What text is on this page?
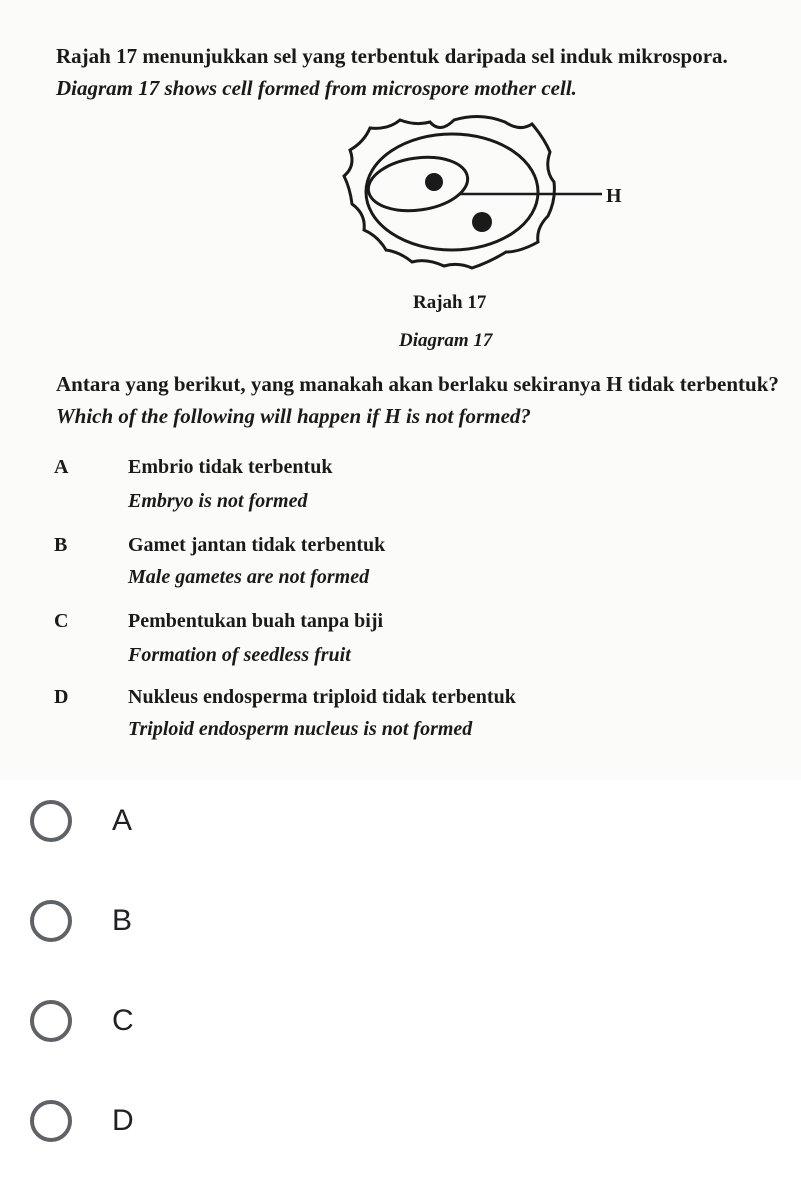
Rajah 17 menunjukkan sel yang terbentuk daripada sel induk mikrospora.
Diagram 17 shows cell formed from microspore mother cell.
H
Rajah 17
Diagram 17
Antara yang berikut, yang manakah akan berlaku sekiranya H tidak terbentuk?
Which of the following will happen if H is not formed?
A	Embrio tidak terbentuk
Embryo is not formed
B	Gamet jantan tidak terbentuk
Male gametes are not formed
C	Pembentukan buah tanpa biji
Formation of seedless fruit
D	Nukleus endosperma triploid tidak terbentuk
Triploid endosperm nucleus is not formed
A
B
C
D
